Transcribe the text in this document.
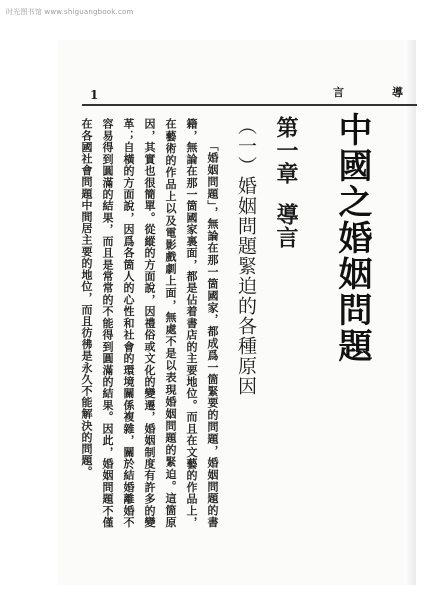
时光图书馆 www.shiguangbook.com
1	導
言
中國之婚姻問題
第一章導言
（一）婚姻問題緊迫的各種原因

「婚姻問題」，無論在那一箇國家，都成爲一箇緊要的問題，婚姻問題的書籍，無論在那一箇國家裏面，都是佔着書店的主要地位。而且在文藝的作品上，在藝術的作品上以及電影戲劇上面，無處不是以表現婚姻問題的緊迫。這箇原因，其實也很簡單。從縱的方面說，因禮俗或文化的變遷，婚姻制度有許多的變革；自橫的方面說，因爲各箇人的心性和社會的環境關係複雜，關於結婚離婚不容易得到圓滿的結果，而且是常常的不能得到圓滿的結果。因此，婚姻問題不僅在各國社會問題中間居主要的地位，而且彷彿是永久不能解決的問題。
